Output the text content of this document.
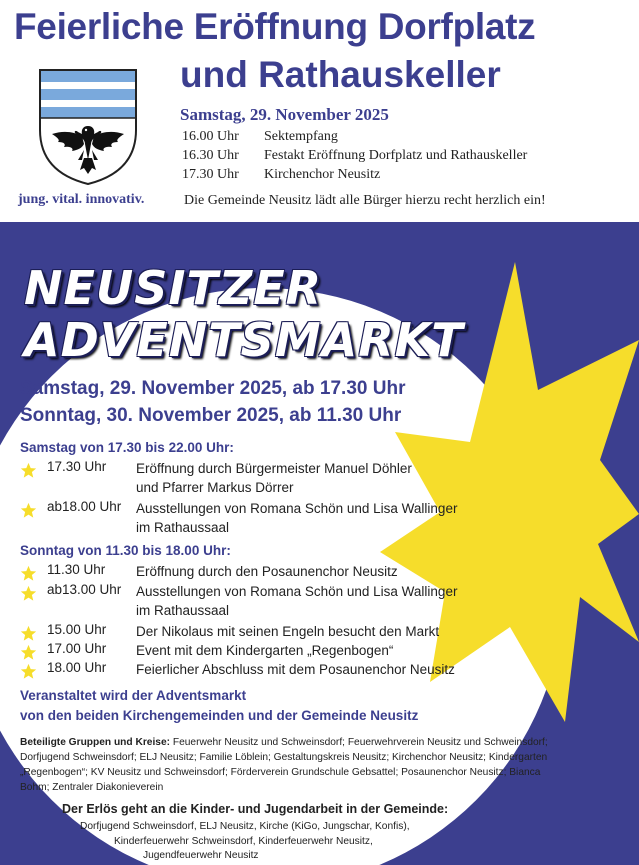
Feierliche Eröffnung Dorfplatz
und Rathauskeller
jung. vital. innovativ.
Samstag, 29. November 2025
16.00 Uhr Sektempfang
16.30 Uhr Festakt Eröffnung Dorfplatz und Rathauskeller
17.30 Uhr Kirchenchor Neusitz
Die Gemeinde Neusitz lädt alle Bürger hierzu recht herzlich ein!
NEUSITZER
ADVENTSMARKT
Samstag, 29. November 2025, ab 17.30 Uhr
Sonntag, 30. November 2025, ab 11.30 Uhr
Samstag von 17.30 bis 22.00 Uhr:
17.30 Uhr Eröffnung durch Bürgermeister Manuel Döhler
und Pfarrer Markus Dörrer
ab18.00 Uhr Ausstellungen von Romana Schön und Lisa Wallinger
im Rathaussaal
Sonntag von 11.30 bis 18.00 Uhr:
11.30 Uhr Eröffnung durch den Posaunenchor Neusitz
ab13.00 Uhr Ausstellungen von Romana Schön und Lisa Wallinger
im Rathaussaal
15.00 Uhr Der Nikolaus mit seinen Engeln besucht den Markt
17.00 Uhr Event mit dem Kindergarten „Regenbogen“
18.00 Uhr Feierlicher Abschluss mit dem Posaunenchor Neusitz
Veranstaltet wird der Adventsmarkt
von den beiden Kirchengemeinden und der Gemeinde Neusitz
Beteiligte Gruppen und Kreise: Feuerwehr Neusitz und Schweinsdorf; Feuerwehrverein Neusitz und Schweinsdorf; Dorfjugend Schweinsdorf; ELJ Neusitz; Familie Löblein; Gestaltungskreis Neusitz; Kirchenchor Neusitz; Kindergarten „Regenbogen“; KV Neusitz und Schweinsdorf; Förderverein Grundschule Gebsattel; Posaunenchor Neusitz; Bianca Bohm; Zentraler Diakonieverein
Der Erlös geht an die Kinder- und Jugendarbeit in der Gemeinde:
Dorfjugend Schweinsdorf, ELJ Neusitz, Kirche (KiGo, Jungschar, Konfis),
Kinderfeuerwehr Schweinsdorf, Kinderfeuerwehr Neusitz,
Jugendfeuerwehr Neusitz
